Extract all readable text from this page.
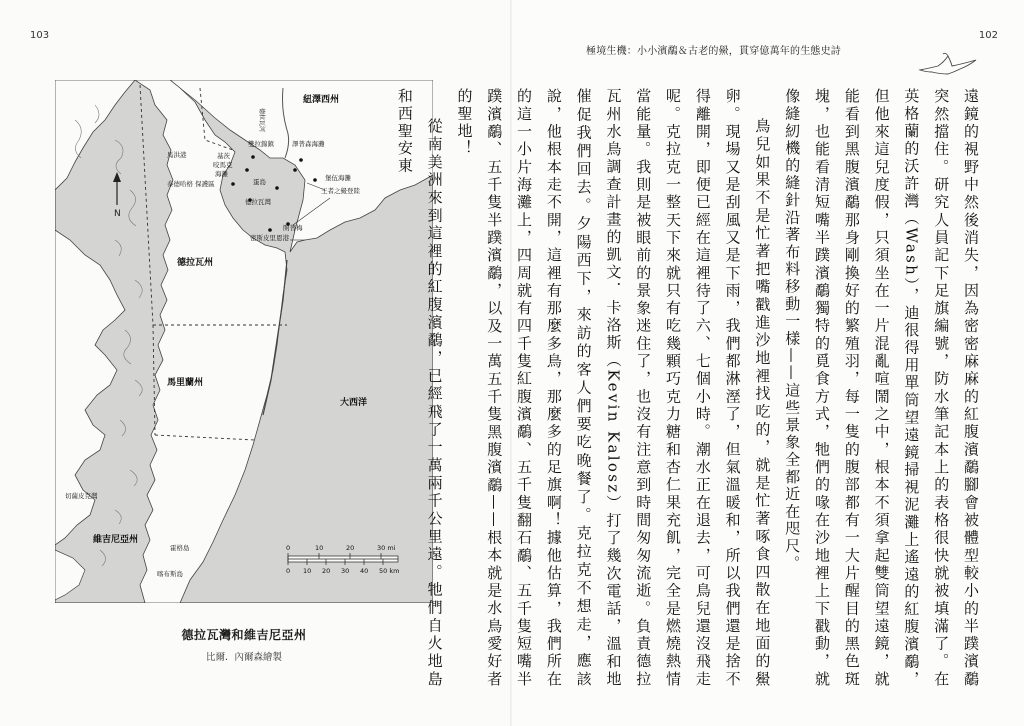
103
N
紐澤西州
德拉瓦河
德拉瓦州
馬里蘭州
大西洋
維吉尼亞州
切薩皮克灣
馬洪港
泰德哈格 保護區
雙拉錦鎮	澤普森海灘
堡伍海灘
王者之鱟登陸
開普梅
密斯皮里恩港
蛋島
德拉瓦灣
霍格島
喀布斯島
基茨
咬馬克
海灘
0	10	20	30 mi
0 10 20 30 40 50 km
德拉瓦灣和維吉尼亞州
比爾．內爾森繪製
102
極境生機：小小濱鷸＆古老的鱟，貫穿億萬年的生態史詩

遠鏡的視野中然後消失，因為密密麻麻的紅腹濱鷸腳會被體型較小的半蹼濱鷸突然擋住。研究人員記下足旗編號，防水筆記本上的表格很快就被填滿了。在英格蘭的沃許灣（Wash），迪很得用單筒望遠鏡掃視泥灘上遙遠的紅腹濱鷸，但他來這兒度假，只須坐在一片混亂喧鬧之中，根本不須拿起雙筒望遠鏡，就能看到黑腹濱鷸那身剛換好的繁殖羽，每一隻的腹部都有一大片醒目的黑色斑塊，也能看清短嘴半蹼濱鷸獨特的覓食方式，牠們的喙在沙地裡上下戳動，就像縫紉機的縫針沿著布料移動一樣——這些景象全都近在咫尺。

鳥兒如果不是忙著把嘴戳進沙地裡找吃的，就是忙著啄食四散在地面的鱟卵。現場又是刮風又是下雨，我們都淋溼了，但氣溫暖和，所以我們還是捨不得離開，即便已經在這裡待了六、七個小時。潮水正在退去，可鳥兒還沒飛走呢。克拉克一整天下來就只有吃幾顆巧克力糖和杏仁果充飢，完全是燃燒熱情當能量。我則是被眼前的景象迷住了，也沒有注意到時間匆匆流逝。負責德拉瓦州水鳥調查計畫的凱文．卡洛斯（Kevin Kalosz）打了幾次電話，溫和地催促我們回去。夕陽西下，來訪的客人們要吃晚餐了。克拉克不想走，應該說，他根本走不開，這裡有那麼多鳥，那麼多的足旗啊！據他估算，我們所在的這一小片海灘上，四周就有四千隻紅腹濱鷸、五千隻翻石鷸、五千隻短嘴半蹼濱鷸、五千隻半蹼濱鷸，以及一萬五千隻黑腹濱鷸——根本就是水鳥愛好者的聖地！

從南美洲來到這裡的紅腹濱鷸，已經飛了一萬兩千公里遠。牠們自火地島和西聖安東
